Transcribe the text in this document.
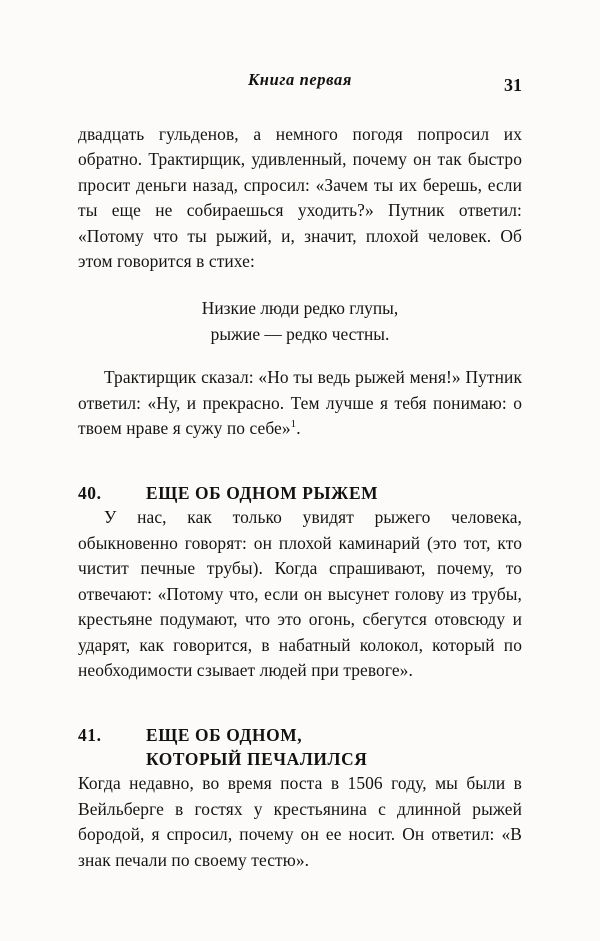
Книга первая	31

двадцать гульденов, а немного погодя попросил их обратно. Трактирщик, удивленный, почему он так быстро просит деньги назад, спросил: «Зачем ты их берешь, если ты еще не собираешься уходить?» Путник ответил: «Потому что ты рыжий, и, значит, плохой человек. Об этом говорится в стихе:

Низкие люди редко глупы,
рыжие — редко честны.

Трактирщик сказал: «Но ты ведь рыжей меня!» Путник ответил: «Ну, и прекрасно. Тем лучше я тебя понимаю: о твоем нраве я сужу по себе»$^1$.

40.	ЕЩЕ ОБ ОДНОМ РЫЖЕМ

У нас, как только увидят рыжего человека, обыкновенно говорят: он плохой каминарий (это тот, кто чистит печные трубы). Когда спрашивают, почему, то отвечают: «Потому что, если он высунет голову из трубы, крестьяне подумают, что это огонь, сбегутся отовсюду и ударят, как говорится, в набатный колокол, который по необходимости сзывает людей при тревоге».

41.	ЕЩЕ ОБ ОДНОМ,
КОТОРЫЙ ПЕЧАЛИЛСЯ

Когда недавно, во время поста в 1506 году, мы были в Вейльберге в гостях у крестьянина с длинной рыжей бородой, я спросил, почему он ее носит. Он ответил: «В знак печали по своему тестю».
